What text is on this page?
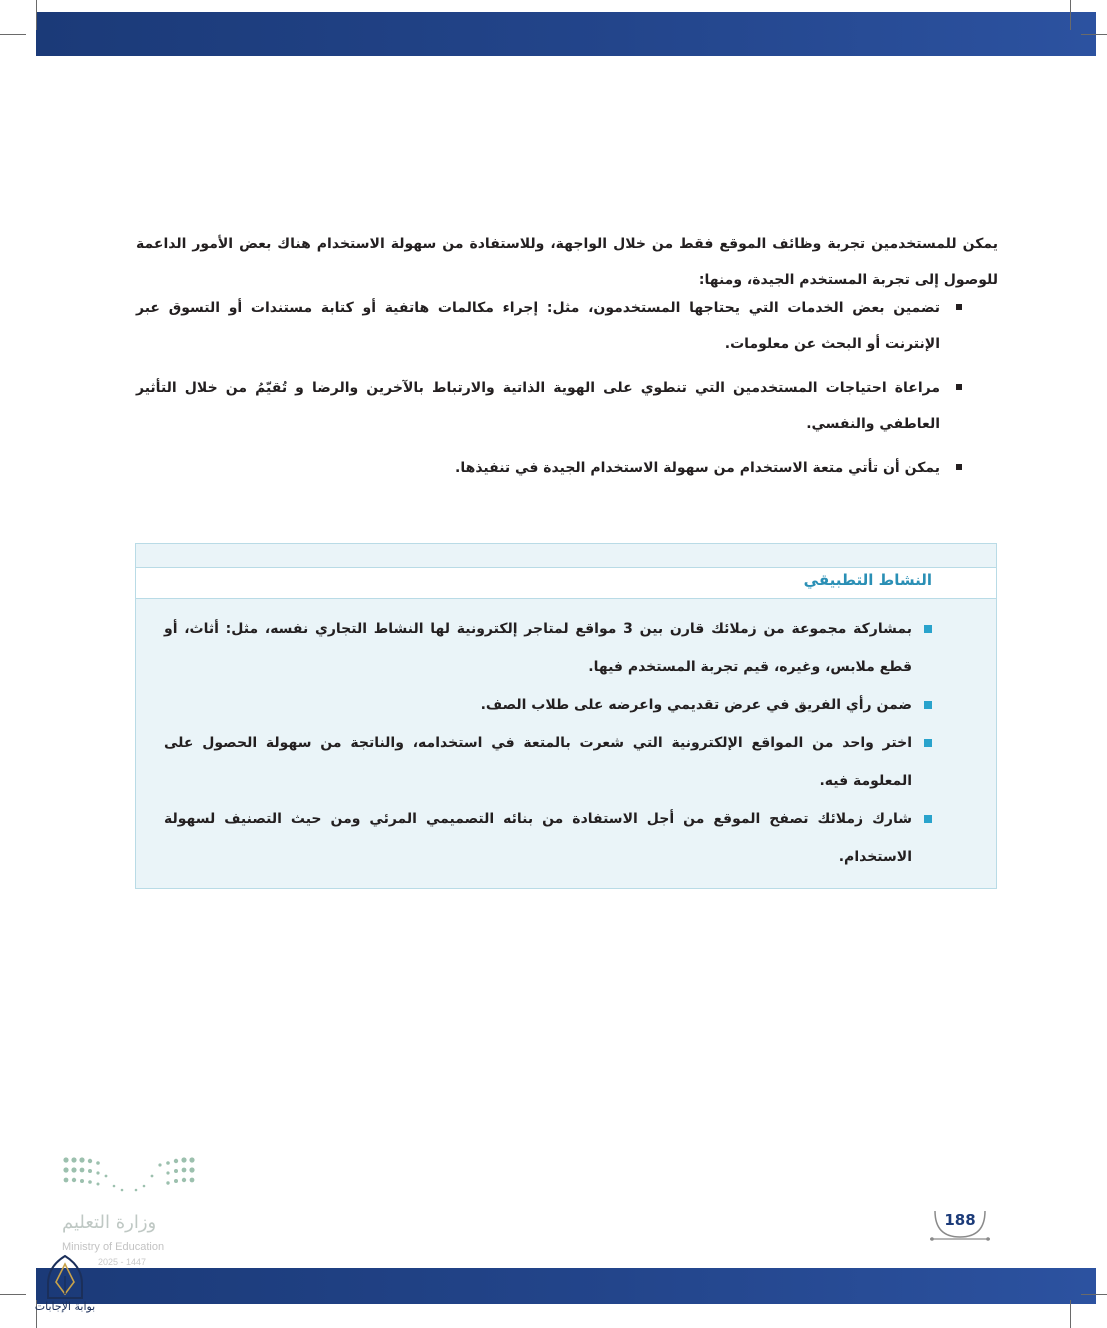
يمكن للمستخدمين تجربة وظائف الموقع فقط من خلال الواجهة، وللاستفادة من سهولة الاستخدام هناك بعض الأمور الداعمة للوصول إلى تجربة المستخدم الجيدة، ومنها:

تضمين بعض الخدمات التي يحتاجها المستخدمون، مثل: إجراء مكالمات هاتفية أو كتابة مستندات أو التسوق عبر الإنترنت أو البحث عن معلومات.
مراعاة احتياجات المستخدمين التي تنطوي على الهوية الذاتية والارتباط بالآخرين والرضا و تُقيّمُ من خلال التأثير العاطفي والنفسي.
يمكن أن تأتي متعة الاستخدام من سهولة الاستخدام الجيدة في تنفيذها.
النشاط التطبيقي
بمشاركة مجموعة من زملائك قارن بين 3 مواقع لمتاجر إلكترونية لها النشاط التجاري نفسه، مثل: أثاث، أو قطع ملابس، وغيره، قيم تجربة المستخدم فيها.
ضمن رأي الفريق في عرض تقديمي واعرضه على طلاب الصف.
اختر واحد من المواقع الإلكترونية التي شعرت بالمتعة في استخدامه، والناتجة من سهولة الحصول على المعلومة فيه.
شارك زملائك تصفح الموقع من أجل الاستفادة من بنائه التصميمي المرئي ومن حيث التصنيف لسهولة الاستخدام.
وزارة التعليم
Ministry of Education
2025 - 1447
188
بوابة الإجابات
